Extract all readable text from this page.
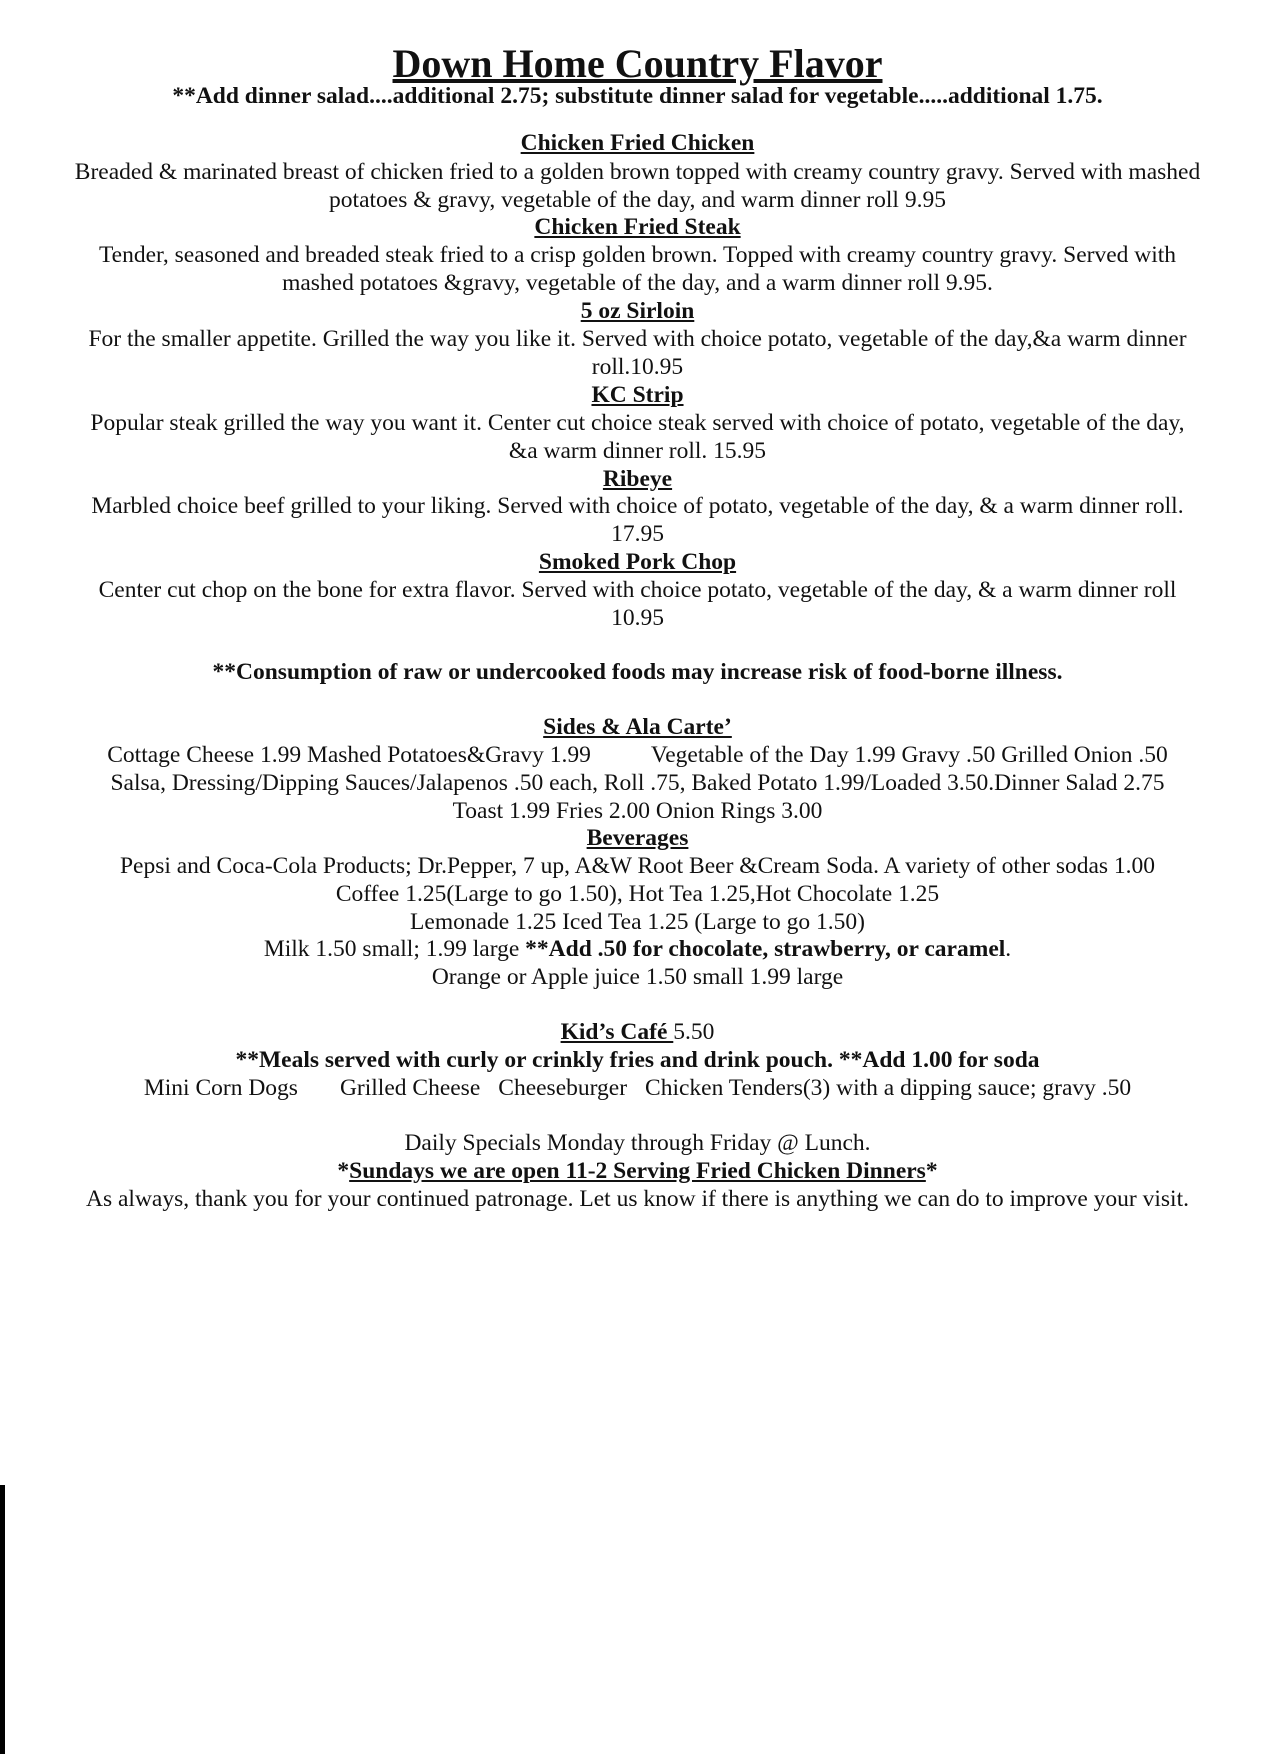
Down Home Country Flavor
**Add dinner salad....additional 2.75; substitute dinner salad for vegetable.....additional 1.75.
Chicken Fried Chicken
Breaded & marinated breast of chicken fried to a golden brown topped with creamy country gravy. Served with mashed
potatoes & gravy, vegetable of the day, and warm dinner roll 9.95
Chicken Fried Steak
Tender, seasoned and breaded steak fried to a crisp golden brown. Topped with creamy country gravy. Served with
mashed potatoes &gravy, vegetable of the day, and a warm dinner roll 9.95.
5 oz Sirloin
For the smaller appetite. Grilled the way you like it. Served with choice potato, vegetable of the day,&a warm dinner
roll.10.95
KC Strip
Popular steak grilled the way you want it. Center cut choice steak served with choice of potato, vegetable of the day,
&a warm dinner roll. 15.95
Ribeye
Marbled choice beef grilled to your liking. Served with choice of potato, vegetable of the day, & a warm dinner roll.
17.95
Smoked Pork Chop
Center cut chop on the bone for extra flavor. Served with choice potato, vegetable of the day, & a warm dinner roll
10.95
**Consumption of raw or undercooked foods may increase risk of food-borne illness.
Sides & Ala Carte’
Cottage Cheese 1.99 Mashed Potatoes&Gravy 1.99	Vegetable of the Day 1.99 Gravy .50 Grilled Onion .50
Salsa, Dressing/Dipping Sauces/Jalapenos .50 each, Roll .75, Baked Potato 1.99/Loaded 3.50.Dinner Salad 2.75
Toast 1.99 Fries 2.00 Onion Rings 3.00
Beverages
Pepsi and Coca-Cola Products; Dr.Pepper, 7 up, A&W Root Beer &Cream Soda. A variety of other sodas 1.00
Coffee 1.25(Large to go 1.50), Hot Tea 1.25,Hot Chocolate 1.25
Lemonade 1.25 Iced Tea 1.25 (Large to go 1.50)
Milk 1.50 small; 1.99 large **Add .50 for chocolate, strawberry, or caramel.
Orange or Apple juice 1.50 small 1.99 large
Kid’s Café 5.50
**Meals served with curly or crinkly fries and drink pouch. **Add 1.00 for soda
Mini Corn Dogs Grilled Cheese Cheeseburger Chicken Tenders(3) with a dipping sauce; gravy .50
Daily Specials Monday through Friday @ Lunch.
*Sundays we are open 11-2 Serving Fried Chicken Dinners*
As always, thank you for your continued patronage. Let us know if there is anything we can do to improve your visit.
